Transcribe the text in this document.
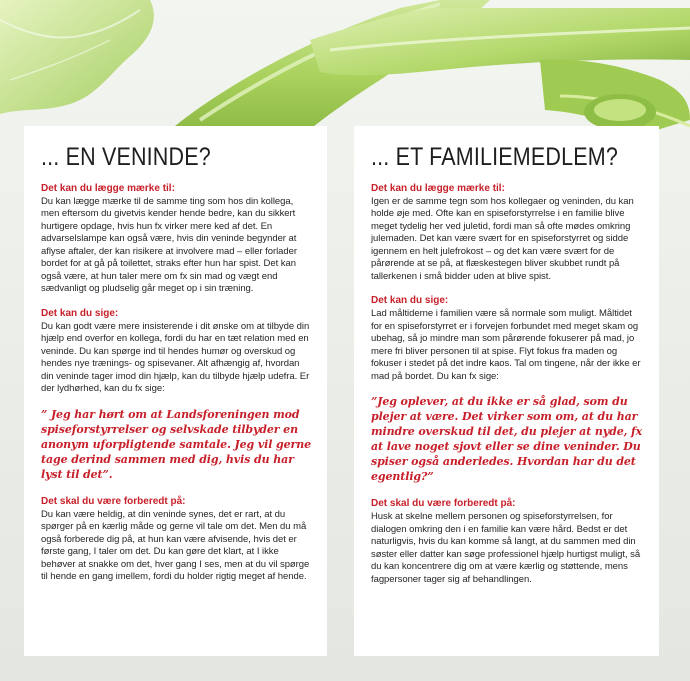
... EN VENINDE?
Det kan du lægge mærke til:

Du kan lægge mærke til de samme ting som hos din kollega, men eftersom du givetvis kender hende bedre, kan du sikkert hurtigere opdage, hvis hun fx virker mere ked af det. En advarselslampe kan også være, hvis din veninde begynder at aflyse aftaler, der kan risikere at involvere mad – eller forlader bordet for at gå på toilettet, straks efter hun har spist. Det kan også være, at hun taler mere om fx sin mad og vægt end sædvanligt og pludselig går meget op i sin træning.

Det kan du sige:

Du kan godt være mere insisterende i dit ønske om at tilbyde din hjælp end overfor en kollega, fordi du har en tæt relation med en veninde. Du kan spørge ind til hendes humør og overskud og hendes nye trænings- og spisevaner. Alt afhængig af, hvordan din veninde tager imod din hjælp, kan du tilbyde hjælp udefra. Er der lydhørhed, kan du fx sige:

” Jeg har hørt om at Landsforeningen mod spiseforstyrrelser og selvskade tilbyder en anonym uforpligtende samtale. Jeg vil gerne tage derind sammen med dig, hvis du har lyst til det”.
Det skal du være forberedt på:

Du kan være heldig, at din veninde synes, det er rart, at du spørger på en kærlig måde og gerne vil tale om det. Men du må også forberede dig på, at hun kan være afvisende, hvis det er første gang, I taler om det. Du kan gøre det klart, at I ikke behøver at snakke om det, hver gang I ses, men at du vil spørge til hende en gang imellem, fordi du holder rigtig meget af hende.

... ET FAMILIEMEDLEM?
Det kan du lægge mærke til:

Igen er de samme tegn som hos kollegaer og veninden, du kan holde øje med. Ofte kan en spiseforstyrrelse i en familie blive meget tydelig her ved juletid, fordi man så ofte mødes omkring julemaden. Det kan være svært for en spiseforstyrret og sidde igennem en helt julefrokost – og det kan være svært for de pårørende at se på, at flæskestegen bliver skubbet rundt på tallerkenen i små bidder uden at blive spist.

Det kan du sige:

Lad måltiderne i familien være så normale som muligt. Måltidet for en spiseforstyrret er i forvejen forbundet med meget skam og ubehag, så jo mindre man som pårørende fokuserer på mad, jo mere fri bliver personen til at spise. Flyt fokus fra maden og fokuser i stedet på det indre kaos. Tal om tingene, når der ikke er mad på bordet. Du kan fx sige:

”Jeg oplever, at du ikke er så glad, som du plejer at være. Det virker som om, at du har mindre overskud til det, du plejer at nyde, fx at lave noget sjovt eller se dine veninder. Du spiser også anderledes. Hvordan har du det egentlig?”
Det skal du være forberedt på:

Husk at skelne mellem personen og spiseforstyrrelsen, for dialogen omkring den i en familie kan være hård. Bedst er det naturligvis, hvis du kan komme så langt, at du sammen med din søster eller datter kan søge professionel hjælp hurtigst muligt, så du kan koncentrere dig om at være kærlig og støttende, mens fagpersoner tager sig af behandlingen.
